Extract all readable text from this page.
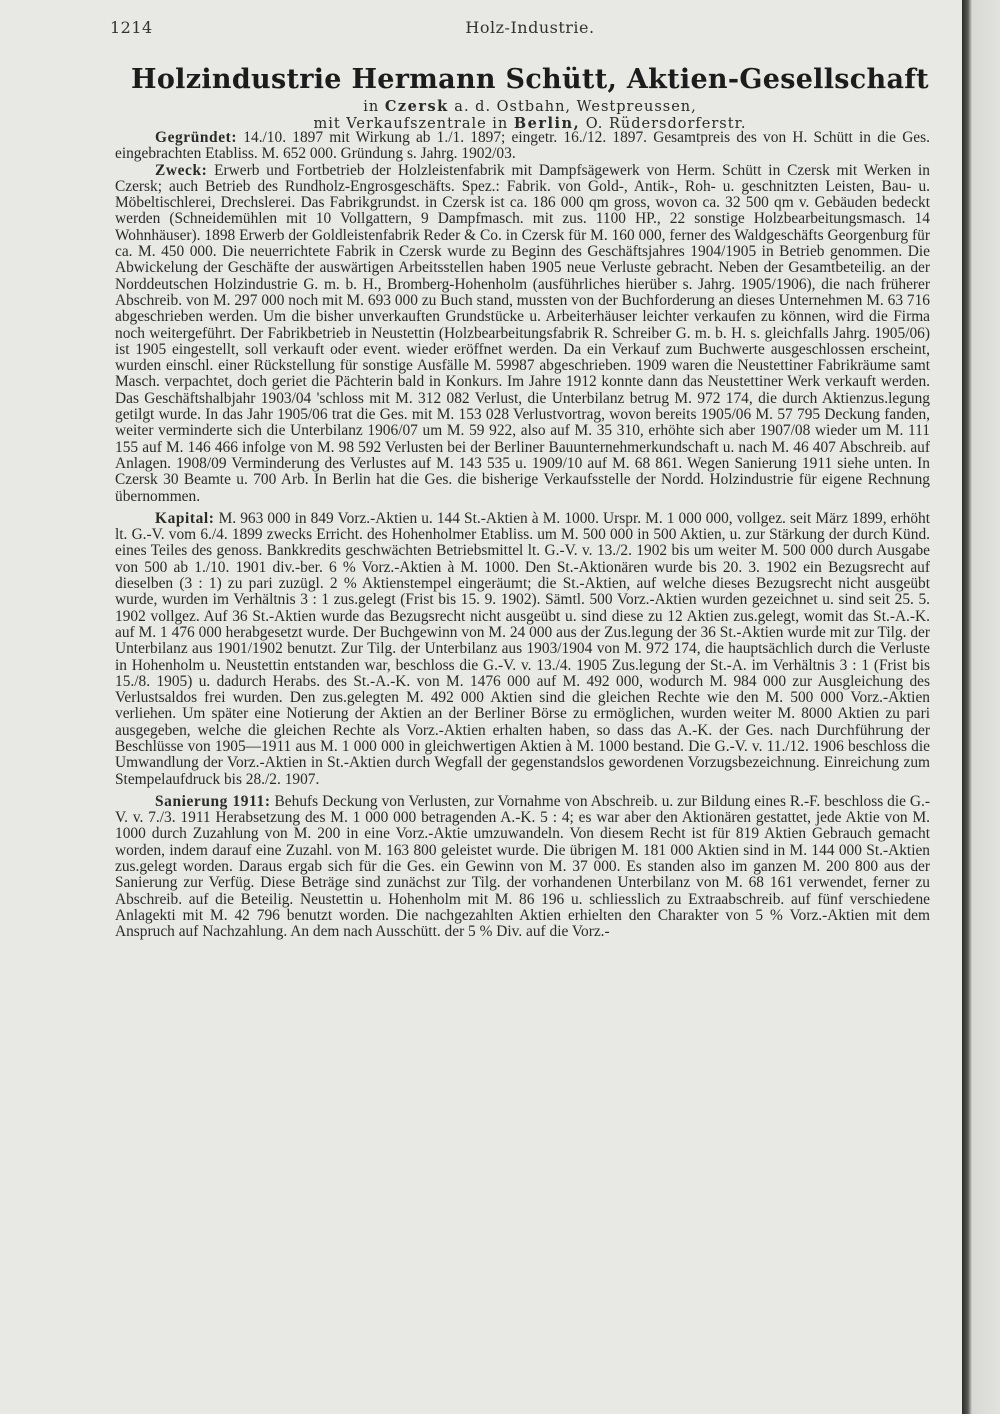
1214	Holz-Industrie.
Holzindustrie Hermann Schütt, Aktien-Gesellschaft
in Czersk a. d. Ostbahn, Westpreussen,
mit Verkaufszentrale in Berlin, O. Rüdersdorferstr.

Gegründet: 14./10. 1897 mit Wirkung ab 1./1. 1897; eingetr. 16./12. 1897. Gesamtpreis des von H. Schütt in die Ges. eingebrachten Etabliss. M. 652 000. Gründung s. Jahrg. 1902/03.

Zweck: Erwerb und Fortbetrieb der Holzleistenfabrik mit Dampfsägewerk von Herm. Schütt in Czersk mit Werken in Czersk; auch Betrieb des Rundholz-Engrosgeschäfts. Spez.: Fabrik. von Gold-, Antik-, Roh- u. geschnitzten Leisten, Bau- u. Möbeltischlerei, Drechslerei. Das Fabrikgrundst. in Czersk ist ca. 186 000 qm gross, wovon ca. 32 500 qm v. Gebäuden bedeckt werden (Schneidemühlen mit 10 Vollgattern, 9 Dampfmasch. mit zus. 1100 HP., 22 sonstige Holzbearbeitungsmasch. 14 Wohnhäuser). 1898 Erwerb der Goldleistenfabrik Reder & Co. in Czersk für M. 160 000, ferner des Waldgeschäfts Georgenburg für ca. M. 450 000. Die neuerrichtete Fabrik in Czersk wurde zu Beginn des Geschäftsjahres 1904/1905 in Betrieb genommen. Die Abwickelung der Geschäfte der auswärtigen Arbeitsstellen haben 1905 neue Verluste gebracht. Neben der Gesamtbeteilig. an der Norddeutschen Holzindustrie G. m. b. H., Bromberg-Hohenholm (ausführliches hierüber s. Jahrg. 1905/1906), die nach früherer Abschreib. von M. 297 000 noch mit M. 693 000 zu Buch stand, mussten von der Buchforderung an dieses Unternehmen M. 63 716 abgeschrieben werden. Um die bisher unverkauften Grundstücke u. Arbeiterhäuser leichter verkaufen zu können, wird die Firma noch weitergeführt. Der Fabrikbetrieb in Neustettin (Holzbearbeitungsfabrik R. Schreiber G. m. b. H. s. gleichfalls Jahrg. 1905/06) ist 1905 eingestellt, soll verkauft oder event. wieder eröffnet werden. Da ein Verkauf zum Buchwerte ausgeschlossen erscheint, wurden einschl. einer Rückstellung für sonstige Ausfälle M. 59987 abgeschrieben. 1909 waren die Neustettiner Fabrikräume samt Masch. verpachtet, doch geriet die Pächterin bald in Konkurs. Im Jahre 1912 konnte dann das Neustettiner Werk verkauft werden. Das Geschäftshalbjahr 1903/04 'schloss mit M. 312 082 Verlust, die Unterbilanz betrug M. 972 174, die durch Aktienzus.legung getilgt wurde. In das Jahr 1905/06 trat die Ges. mit M. 153 028 Verlustvortrag, wovon bereits 1905/06 M. 57 795 Deckung fanden, weiter verminderte sich die Unterbilanz 1906/07 um M. 59 922, also auf M. 35 310, erhöhte sich aber 1907/08 wieder um M. 111 155 auf M. 146 466 infolge von M. 98 592 Verlusten bei der Berliner Bauunternehmerkundschaft u. nach M. 46 407 Abschreib. auf Anlagen. 1908/09 Verminderung des Verlustes auf M. 143 535 u. 1909/10 auf M. 68 861. Wegen Sanierung 1911 siehe unten. In Czersk 30 Beamte u. 700 Arb. In Berlin hat die Ges. die bisherige Verkaufsstelle der Nordd. Holzindustrie für eigene Rechnung übernommen.

Kapital: M. 963 000 in 849 Vorz.-Aktien u. 144 St.-Aktien à M. 1000. Urspr. M. 1 000 000, vollgez. seit März 1899, erhöht lt. G.-V. vom 6./4. 1899 zwecks Erricht. des Hohenholmer Etabliss. um M. 500 000 in 500 Aktien, u. zur Stärkung der durch Künd. eines Teiles des genoss. Bankkredits geschwächten Betriebsmittel lt. G.-V. v. 13./2. 1902 bis um weiter M. 500 000 durch Ausgabe von 500 ab 1./10. 1901 div.-ber. 6 % Vorz.-Aktien à M. 1000. Den St.-Aktionären wurde bis 20. 3. 1902 ein Bezugsrecht auf dieselben (3 : 1) zu pari zuzügl. 2 % Aktienstempel eingeräumt; die St.-Aktien, auf welche dieses Bezugsrecht nicht ausgeübt wurde, wurden im Verhältnis 3 : 1 zus.gelegt (Frist bis 15. 9. 1902). Sämtl. 500 Vorz.-Aktien wurden gezeichnet u. sind seit 25. 5. 1902 vollgez. Auf 36 St.-Aktien wurde das Bezugsrecht nicht ausgeübt u. sind diese zu 12 Aktien zus.gelegt, womit das St.-A.-K. auf M. 1 476 000 herabgesetzt wurde. Der Buchgewinn von M. 24 000 aus der Zus.legung der 36 St.-Aktien wurde mit zur Tilg. der Unterbilanz aus 1901/1902 benutzt. Zur Tilg. der Unterbilanz aus 1903/1904 von M. 972 174, die hauptsächlich durch die Verluste in Hohenholm u. Neustettin entstanden war, beschloss die G.-V. v. 13./4. 1905 Zus.legung der St.-A. im Verhältnis 3 : 1 (Frist bis 15./8. 1905) u. dadurch Herabs. des St.-A.-K. von M. 1476 000 auf M. 492 000, wodurch M. 984 000 zur Ausgleichung des Verlustsaldos frei wurden. Den zus.gelegten M. 492 000 Aktien sind die gleichen Rechte wie den M. 500 000 Vorz.-Aktien verliehen. Um später eine Notierung der Aktien an der Berliner Börse zu ermöglichen, wurden weiter M. 8000 Aktien zu pari ausgegeben, welche die gleichen Rechte als Vorz.-Aktien erhalten haben, so dass das A.-K. der Ges. nach Durchführung der Beschlüsse von 1905—1911 aus M. 1 000 000 in gleichwertigen Aktien à M. 1000 bestand. Die G.-V. v. 11./12. 1906 beschloss die Umwandlung der Vorz.-Aktien in St.-Aktien durch Wegfall der gegenstandslos gewordenen Vorzugsbezeichnung. Einreichung zum Stempelaufdruck bis 28./2. 1907.

Sanierung 1911: Behufs Deckung von Verlusten, zur Vornahme von Abschreib. u. zur Bildung eines R.-F. beschloss die G.-V. v. 7./3. 1911 Herabsetzung des M. 1 000 000 betragenden A.-K. 5 : 4; es war aber den Aktionären gestattet, jede Aktie von M. 1000 durch Zuzahlung von M. 200 in eine Vorz.-Aktie umzuwandeln. Von diesem Recht ist für 819 Aktien Gebrauch gemacht worden, indem darauf eine Zuzahl. von M. 163 800 geleistet wurde. Die übrigen M. 181 000 Aktien sind in M. 144 000 St.-Aktien zus.gelegt worden. Daraus ergab sich für die Ges. ein Gewinn von M. 37 000. Es standen also im ganzen M. 200 800 aus der Sanierung zur Verfüg. Diese Beträge sind zunächst zur Tilg. der vorhandenen Unterbilanz von M. 68 161 verwendet, ferner zu Abschreib. auf die Beteilig. Neustettin u. Hohenholm mit M. 86 196 u. schliesslich zu Extraabschreib. auf fünf verschiedene Anlagekti mit M. 42 796 benutzt worden. Die nachgezahlten Aktien erhielten den Charakter von 5 % Vorz.-Aktien mit dem Anspruch auf Nachzahlung. An dem nach Ausschütt. der 5 % Div. auf die Vorz.-
